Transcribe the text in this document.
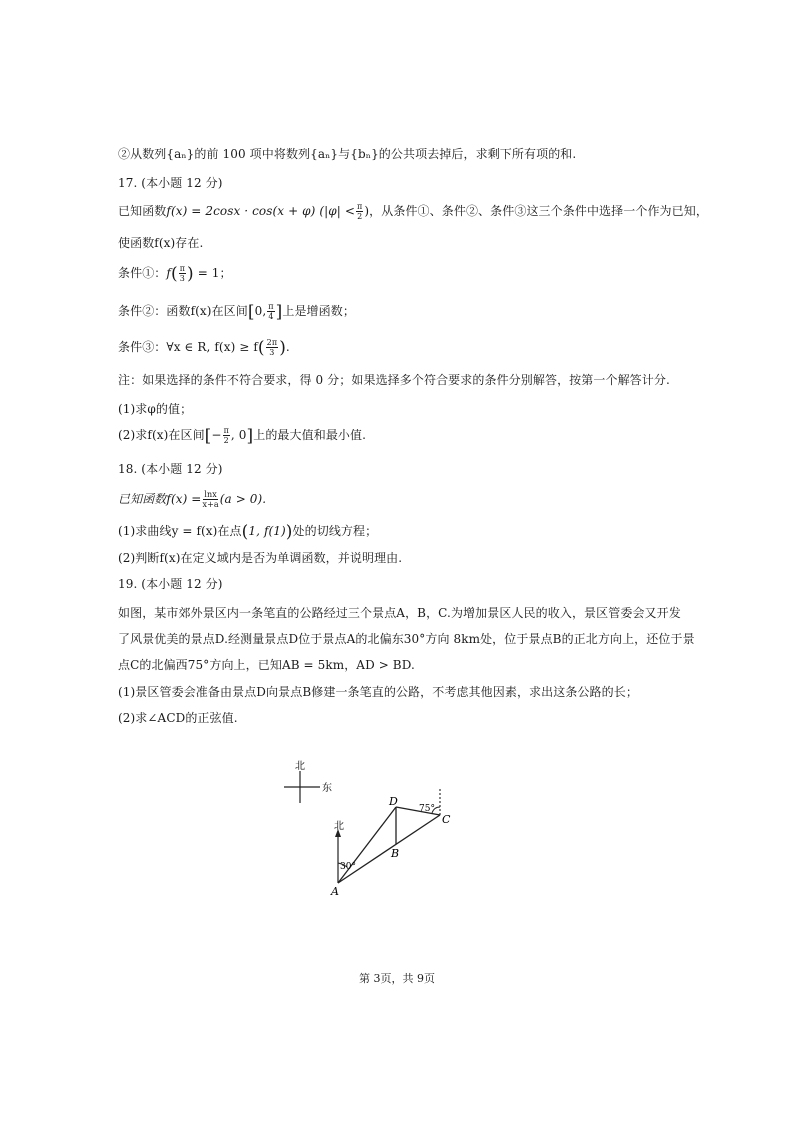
②从数列{aₙ}的前 100 项中将数列{aₙ}与{bₙ}的公共项去掉后，求剩下所有项的和.
17. (本小题 12 分)
已知函数f(x) = 2cosx · cos(x + φ) ($|\varphi| < \frac{\pi}{2}$ )，从条件①、条件②、条件③这三个条件中选择一个作为已知，
使函数f(x)存在.
条件①：$f( \frac{\pi}{3}$ ) = 1；
条件②：函数f(x)在区间[0, $\frac{\pi}{4}$ ]上是增函数；
条件③：∀x ∈ R, $f(x) \ge f( \frac{2\pi}{3}$ ).
注：如果选择的条件不符合要求，得 0 分；如果选择多个符合要求的条件分别解答，按第一个解答计分.
(1)求φ的值；
(2)求f(x)在区间[− $\frac{\pi}{2}$ , 0]上的最大值和最小值.
18. (本小题 12 分)
已知函数$f(x) = \frac{\ln x}{x+a} (a > 0)$.
(1)求曲线y = f(x)在点(1, f(1))处的切线方程；
(2)判断f(x)在定义域内是否为单调函数，并说明理由.
19. (本小题 12 分)
如图，某市郊外景区内一条笔直的公路经过三个景点A，B，C.为增加景区人民的收入，景区管委会又开发
了风景优美的景点D.经测量景点D位于景点A的北偏东30°方向 8km处，位于景点B的正北方向上，还位于景
点C的北偏西75°方向上，已知AB = 5km，AD > BD.
(1)景区管委会准备由景点D向景点B修建一条笔直的公路，不考虑其他因素，求出这条公路的长；
(2)求∠ACD的正弦值.
北
东
北
30°
75°
A
B
C
D
第 3页，共 9页
